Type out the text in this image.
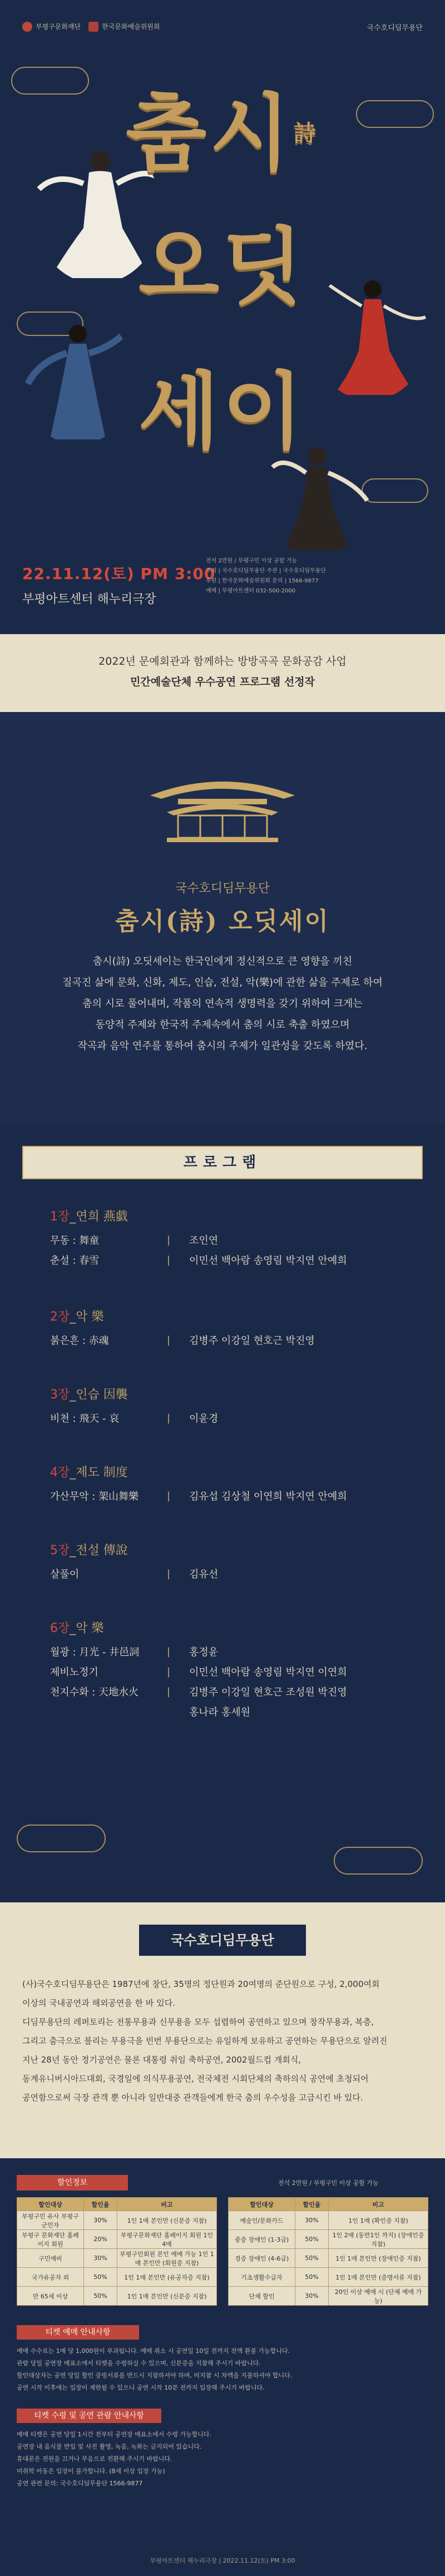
부평구문화재단	한국문화예술위원회	국수호디딤무용단
춤시$^詩$
오딧
세이
22.11.12(토) PM 3:00
부평아트센터 해누리극장
전석 2만원 / 부평구민 이상 공할 가능
주최 | 국수호디딤무용단 주관 | 국수호디딤무용단
후원 | 한국문화예술위원회 문의 | 1566-9877
예매 | 부평아트센터 032-500-2000
2022년 문예회관과 함께하는 방방곡곡 문화공감 사업
민간예술단체 우수공연 프로그램 선정작
국수호디딤무용단
춤시(詩) 오딧세이
춤시(詩) 오딧세이는 한국인에게 정신적으로 큰 영향을 끼친
질곡진 삶에 문화, 신화, 제도, 인습, 전설, 악(樂)에 관한 삶을 주제로 하여
춤의 시로 풀어내며, 작품의 연속적 생명력을 갖기 위하여 크게는
동양적 주제와 한국적 주제속에서 춤의 시로 축출 하였으며
작곡과 음악 연주를 통하여 춤시의 주제가 일관성을 갖도록 하였다.
프로그램
1장_연희 燕戱
무동 : 舞童	|	조인연
춘설 : 春雪	|	이민선 백아람 송영림 박지연 안예희
2장_악 樂
붉은흔 : 赤魂	|	김병주 이강일 현호근 박진영
3장_인습 因襲
비천 : 飛天 - 哀	|	이윤경
4장_제도 制度
가산무악 : 架山舞樂	|	김유섭 김상철 이연희 박지연 안예희
5장_전설 傳說
살풀이	|	김유선
6장_악 樂
월광 : 月光 - 井邑詞	|	홍정윤
제비노정기	|	이민선 백아람 송영림 박지연 이연희
천지수화 : 天地水火	|	김병주 이강일 현호근 조성원 박진영
홍나라 홍세원
국수호디딤무용단
(사)국수호디딤무용단은 1987년에 창단, 35명의 정단원과 20여명의 준단원으로 구성, 2,000여회
이상의 국내공연과 해외공연을 한 바 있다.
디딤무용단의 레퍼토리는 전통무용과 신무용을 모두 섭렵하여 공연하고 있으며 창작무용과, 복층,
그리고 춤극으로 불리는 무용극을 빈번 무용단으로는 유일하게 보유하고 공연하는 무용단으로 알려진
지난 28년 동안 정기공연은 물론 대통령 취임 축하공연, 2002월드컵 개회식,
동계유니버시아드대회, 국경일에 의식무용공연, 전국체전 시회단체의 축하의식 공연에 초청되어
공연함으로써 극장 관객 뿐 아니라 일반대중 관객들에게 한국 춤의 우수성을 고급시킨 바 있다.
할인정보	전석 2만원 / 부평구민 이상 공할 가능
할인대상	할인율	비고
부평구민 유사 부평구 군민자	30%	1인 1매 본인만 (신분증 지참)
부평구 문화재단 홈페이지 회원	20%	부평구문화재단 홈페이지 회원 1인 4매
구민예비	30%	부평구민회원 본인 예매 가능 1인 1매 본인만 (회원증 지참)
국가유공자 외	50%	1인 1매 본인만 (유공자증 지참)
만 65세 이상	50%	1인 1매 본인만 (신분증 지참)
할인대상	할인율	비고
예술인/문화카드	30%	1인 1매 (확인증 지참)
중증 장애인 (1-3급)	50%	1인 2매 (동반1인 까지) (장애인증 지참)
경증 장애인 (4-6급)	50%	1인 1매 본인만 (장애인증 지참)
기초생활수급자	50%	1인 1매 본인만 (증명서류 지참)
단체 할인	30%	20인 이상 예매 시 (단체 예매 가능)
티켓 예매 안내사항
예매 수수료는 1매 당 1,000원이 부과됩니다. 예매 취소 시 공연일 10일 전까지 전액 환불 가능합니다.
관람 당일 공연장 매표소에서 티켓을 수령하실 수 있으며, 신분증을 지참해 주시기 바랍니다.
할인대상자는 공연 당일 할인 증빙서류를 반드시 지참하셔야 하며, 미지참 시 차액을 지불하셔야 합니다.
공연 시작 이후에는 입장이 제한될 수 있으니 공연 시작 10분 전까지 입장해 주시기 바랍니다.
티켓 수령 및 공연 관람 안내사항
예매 티켓은 공연 당일 1시간 전부터 공연장 매표소에서 수령 가능합니다.
공연장 내 음식물 반입 및 사진 촬영, 녹음, 녹화는 금지되어 있습니다.
휴대폰은 전원을 끄거나 무음으로 전환해 주시기 바랍니다.
미취학 아동은 입장이 불가합니다. (8세 이상 입장 가능)
공연 관련 문의: 국수호디딤무용단 1566-9877
부평아트센터 해누리극장 | 2022.11.12(토) PM 3:00
